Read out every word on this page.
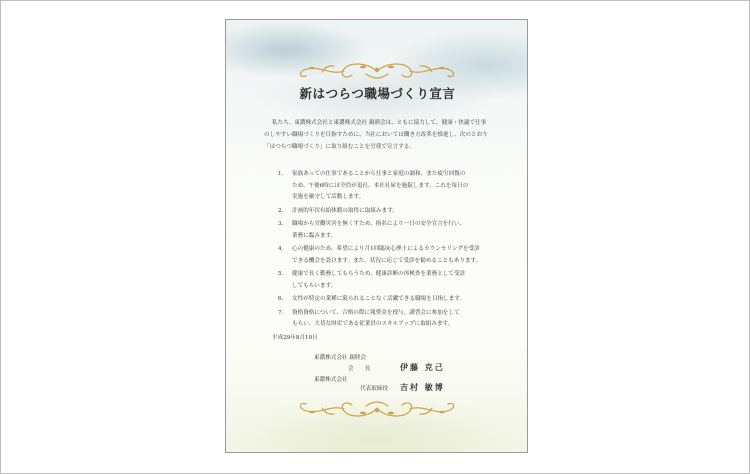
新はつらつ職場づくり宣言
私たち、東濃株式会社と東濃株式会社 親睦会は、ともに協力して、健康・快適で仕事
のしやすい職場づくりを目指すために、当社においては働き方改革を推進し、次のとおり
「はつらつ職場づくり」に取り組むことを労使で宣言する。
1. 家族あっての仕事であることから仕事と家庭の調和、また疲労回復の
ため、午後6時には全員が退社、本社社屋を施錠します。これを毎日の
実施を厳守して活動します。
2. 計画的年次有給休暇の取得に取組みます。
3. 職場から労働災害を無くすため、指名により一日の安全宣言を行い、
業務に臨みます。
4. 心の健康のため、希望により月1回臨床心理士によるカウンセリングを受診
できる機会を設けます。また、状況に応じて受診を勧めることもあります。
5. 健康で長く勤務してもらうため、健康診断の再検査を業務として受診
してもらいます。
6. 女性が特定の業種に限られることなく活躍できる職場を目指します。
7. 資格資格について、合格の際に報奨金を授与、講習会に参加をして
もらい、大切な財産である従業員のスキルアップに取組みます。

平成29年8月10日

東濃株式会社 親睦会
会　　長	伊藤 克己
東濃株式会社
代表取締役 吉村 敏博
